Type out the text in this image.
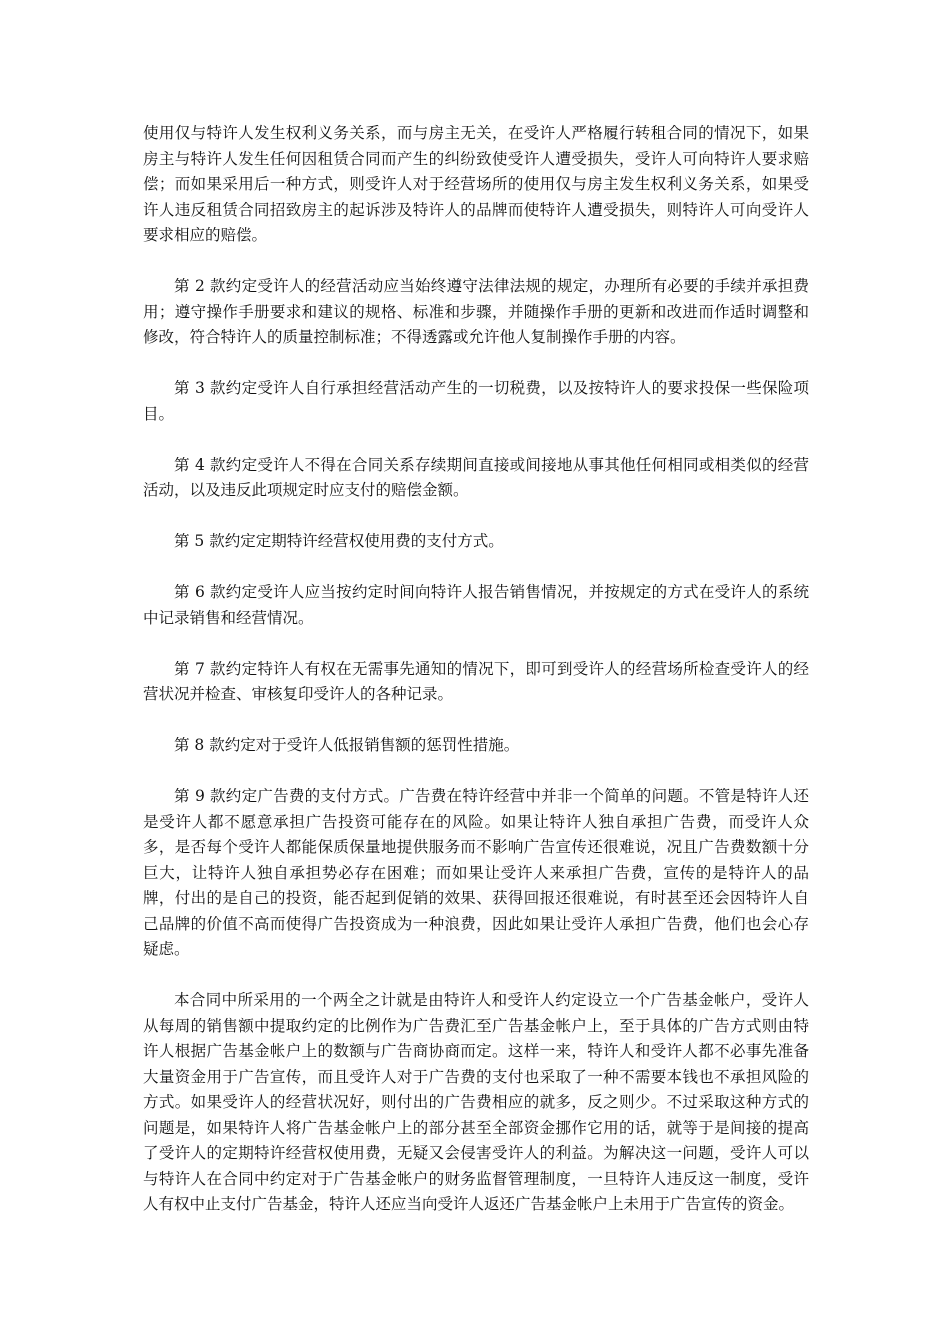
使用仅与特许人发生权利义务关系，而与房主无关，在受许人严格履行转租合同的情况下，如果房主与特许人发生任何因租赁合同而产生的纠纷致使受许人遭受损失，受许人可向特许人要求赔偿；而如果采用后一种方式，则受许人对于经营场所的使用仅与房主发生权利义务关系，如果受许人违反租赁合同招致房主的起诉涉及特许人的品牌而使特许人遭受损失，则特许人可向受许人要求相应的赔偿。

第 2 款约定受许人的经营活动应当始终遵守法律法规的规定，办理所有必要的手续并承担费用；遵守操作手册要求和建议的规格、标准和步骤，并随操作手册的更新和改进而作适时调整和修改，符合特许人的质量控制标准；不得透露或允许他人复制操作手册的内容。

第 3 款约定受许人自行承担经营活动产生的一切税费，以及按特许人的要求投保一些保险项目。

第 4 款约定受许人不得在合同关系存续期间直接或间接地从事其他任何相同或相类似的经营活动，以及违反此项规定时应支付的赔偿金额。

第 5 款约定定期特许经营权使用费的支付方式。

第 6 款约定受许人应当按约定时间向特许人报告销售情况，并按规定的方式在受许人的系统中记录销售和经营情况。

第 7 款约定特许人有权在无需事先通知的情况下，即可到受许人的经营场所检查受许人的经营状况并检查、审核复印受许人的各种记录。

第 8 款约定对于受许人低报销售额的惩罚性措施。

第 9 款约定广告费的支付方式。广告费在特许经营中并非一个简单的问题。不管是特许人还是受许人都不愿意承担广告投资可能存在的风险。如果让特许人独自承担广告费，而受许人众多，是否每个受许人都能保质保量地提供服务而不影响广告宣传还很难说，况且广告费数额十分巨大，让特许人独自承担势必存在困难；而如果让受许人来承担广告费，宣传的是特许人的品牌，付出的是自己的投资，能否起到促销的效果、获得回报还很难说，有时甚至还会因特许人自己品牌的价值不高而使得广告投资成为一种浪费，因此如果让受许人承担广告费，他们也会心存疑虑。

本合同中所采用的一个两全之计就是由特许人和受许人约定设立一个广告基金帐户，受许人从每周的销售额中提取约定的比例作为广告费汇至广告基金帐户上，至于具体的广告方式则由特许人根据广告基金帐户上的数额与广告商协商而定。这样一来，特许人和受许人都不必事先准备大量资金用于广告宣传，而且受许人对于广告费的支付也采取了一种不需要本钱也不承担风险的方式。如果受许人的经营状况好，则付出的广告费相应的就多，反之则少。不过采取这种方式的问题是，如果特许人将广告基金帐户上的部分甚至全部资金挪作它用的话，就等于是间接的提高了受许人的定期特许经营权使用费，无疑又会侵害受许人的利益。为解决这一问题，受许人可以与特许人在合同中约定对于广告基金帐户的财务监督管理制度，一旦特许人违反这一制度，受许人有权中止支付广告基金，特许人还应当向受许人返还广告基金帐户上未用于广告宣传的资金。
